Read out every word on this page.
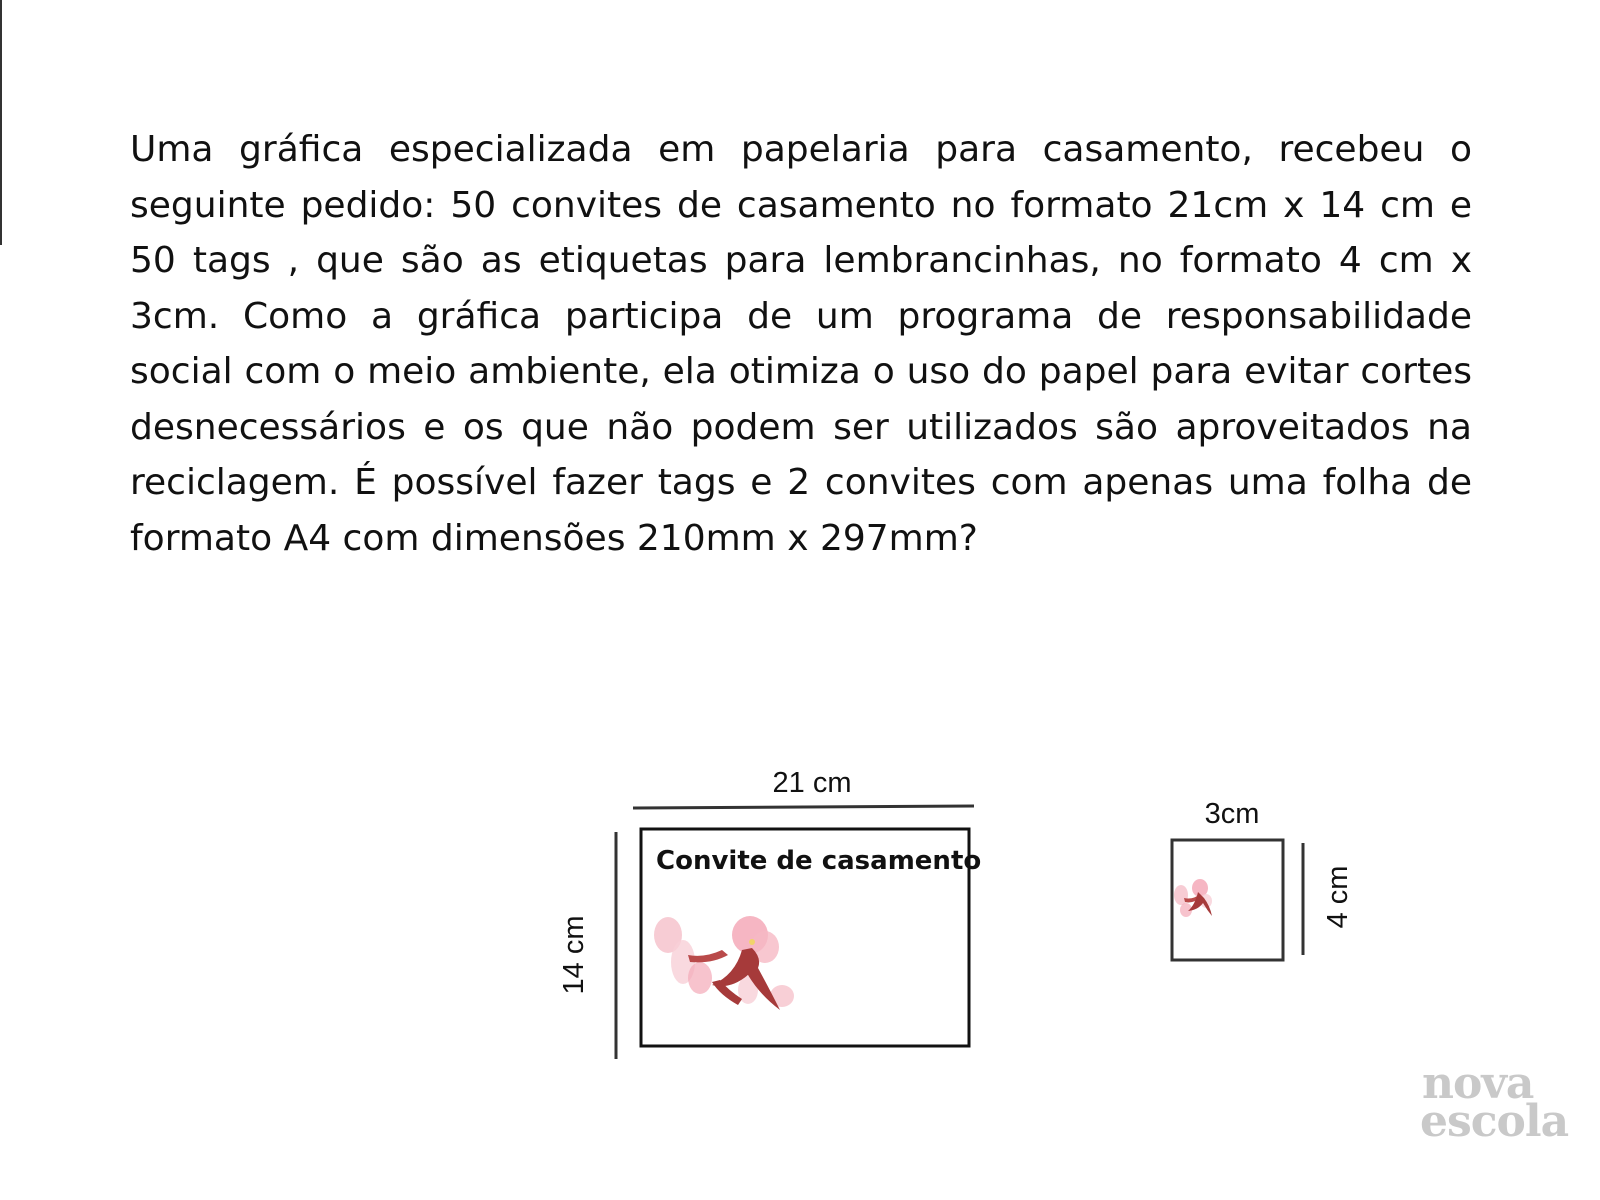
Uma gráfica especializada em papelaria para casamento, recebeu o seguinte pedido: 50 convites de casamento no formato 21cm x 14 cm e 50 tags , que são as etiquetas para lembrancinhas, no formato 4 cm x 3cm. Como a gráfica participa de um programa de responsabilidade social com o meio ambiente, ela otimiza o uso do papel para evitar cortes desnecessários e os que não podem ser utilizados são aproveitados na reciclagem. É possível fazer tags e 2 convites com apenas uma folha de formato A4 com dimensões 210mm x 297mm?

21 cm
14 cm
Convite de casamento
3cm
4 cm
nova
escola
